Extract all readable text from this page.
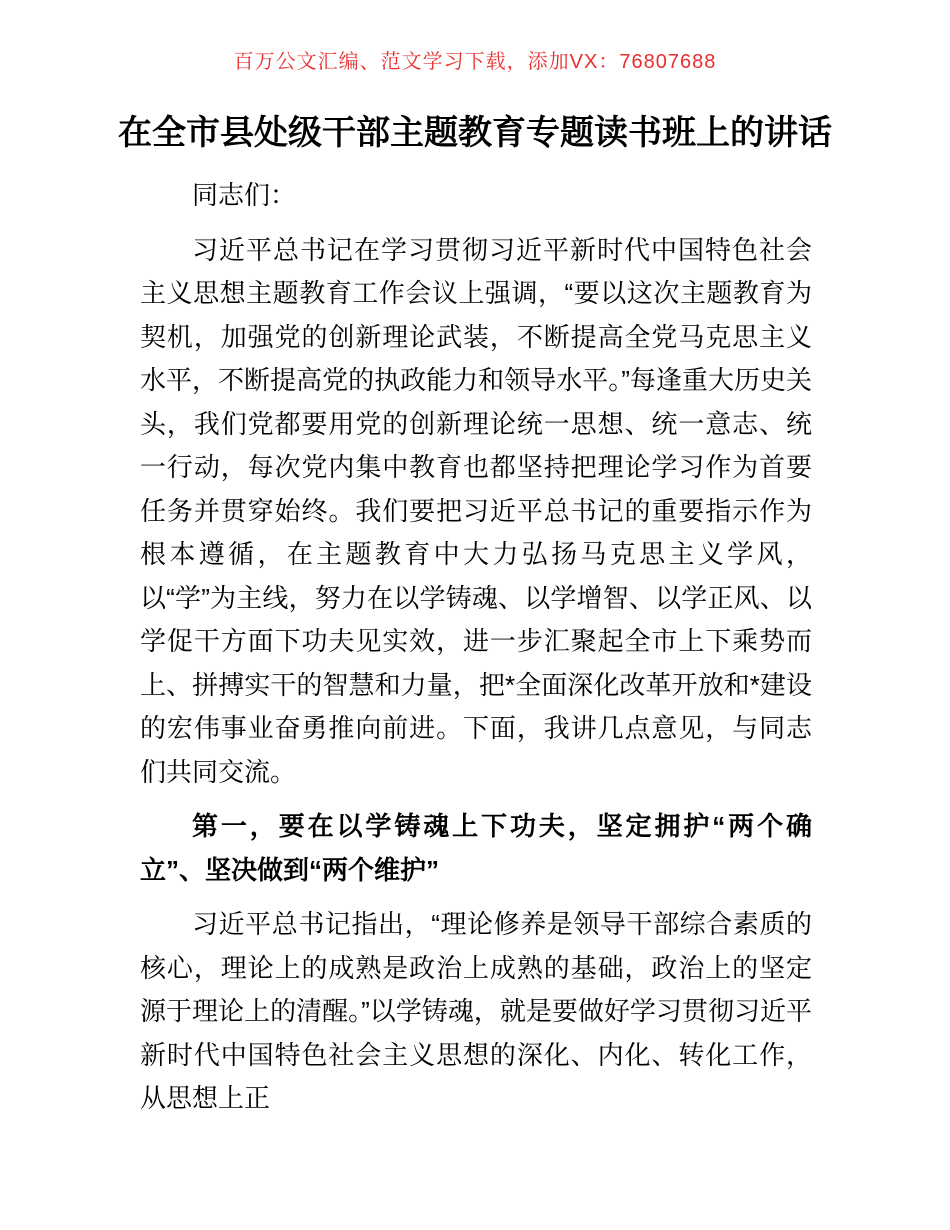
百万公文汇编、范文学习下载，添加VX：76807688
在全市县处级干部主题教育专题读书班上的讲话

同志们：

习近平总书记在学习贯彻习近平新时代中国特色社会主义思想主题教育工作会议上强调，“要以这次主题教育为契机，加强党的创新理论武装，不断提高全党马克思主义水平，不断提高党的执政能力和领导水平。”每逢重大历史关头，我们党都要用党的创新理论统一思想、统一意志、统一行动，每次党内集中教育也都坚持把理论学习作为首要任务并贯穿始终。我们要把习近平总书记的重要指示作为根本遵循，在主题教育中大力弘扬马克思主义学风，以“学”为主线，努力在以学铸魂、以学增智、以学正风、以学促干方面下功夫见实效，进一步汇聚起全市上下乘势而上、拼搏实干的智慧和力量，把*全面深化改革开放和*建设的宏伟事业奋勇推向前进。下面，我讲几点意见，与同志们共同交流。

第一，要在以学铸魂上下功夫，坚定拥护“两个确立”、坚决做到“两个维护”

习近平总书记指出，“理论修养是领导干部综合素质的核心，理论上的成熟是政治上成熟的基础，政治上的坚定源于理论上的清醒。”以学铸魂，就是要做好学习贯彻习近平新时代中国特色社会主义思想的深化、内化、转化工作，从思想上正
